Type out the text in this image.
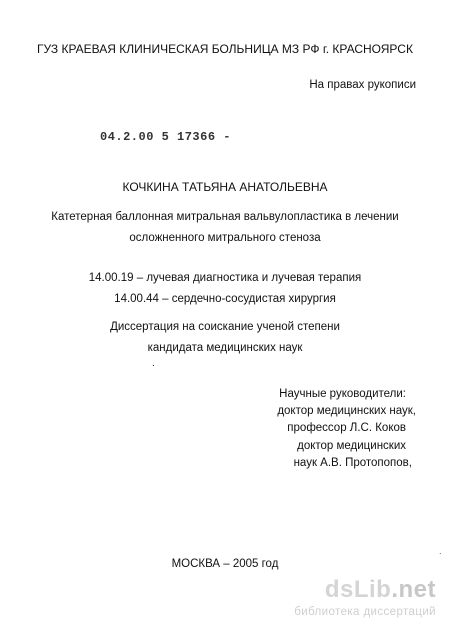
ГУЗ КРАЕВАЯ КЛИНИЧЕСКАЯ БОЛЬНИЦА МЗ РФ г. КРАСНОЯРСК
На правах рукописи
04.2.00 5 17366 -
КОЧКИНА ТАТЬЯНА АНАТОЛЬЕВНА
Катетерная баллонная митральная вальвулопластика в лечении
осложненного митрального стеноза
14.00.19 – лучевая диагностика и лучевая терапия
14.00.44 – сердечно-сосудистая хирургия
Диссертация на соискание ученой степени
кандидата медицинских наук
.
Научные руководители:
доктор медицинских наук,
профессор Л.С. Коков
доктор медицинских
наук А.В. Протопопов,
МОСКВА – 2005 год
.
dsLib.net
библиотека диссертаций
